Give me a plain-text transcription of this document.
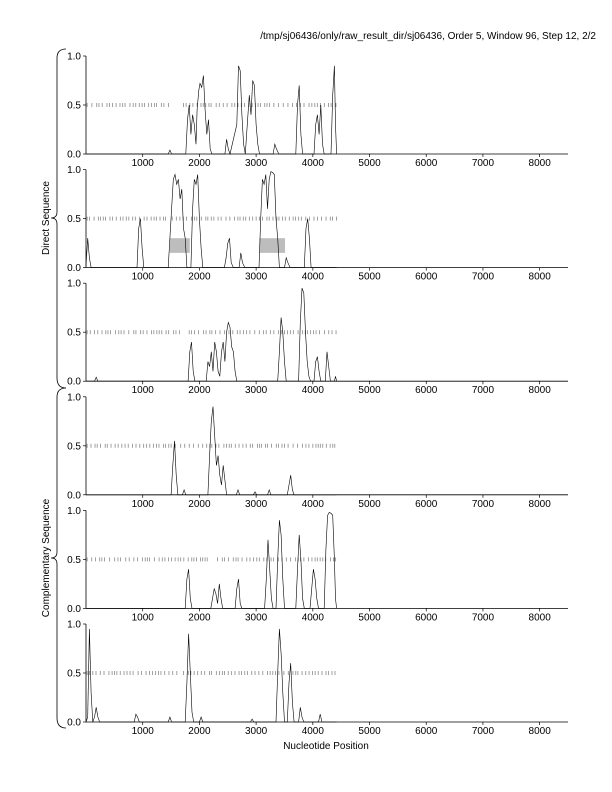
/tmp/sj06436/only/raw_result_dir/sj06436, Order 5, Window 96, Step 12, 2/2
0.0
0.5
1.0
1000	2000	3000	4000	5000	6000	7000	8000
0.0
0.5
1.0
1000	2000	3000	4000	5000	6000	7000	8000
0.0
0.5
1.0
1000	2000	3000	4000	5000	6000	7000	8000
0.0
0.5
1.0
1000	2000	3000	4000	5000	6000	7000	8000
0.0
0.5
1.0
1000	2000	3000	4000	5000	6000	7000	8000
0.0
0.5
1.0
1000	2000	3000	4000	5000	6000	7000	8000
Direct Sequence
Complementary Sequence
Nucleotide Position
